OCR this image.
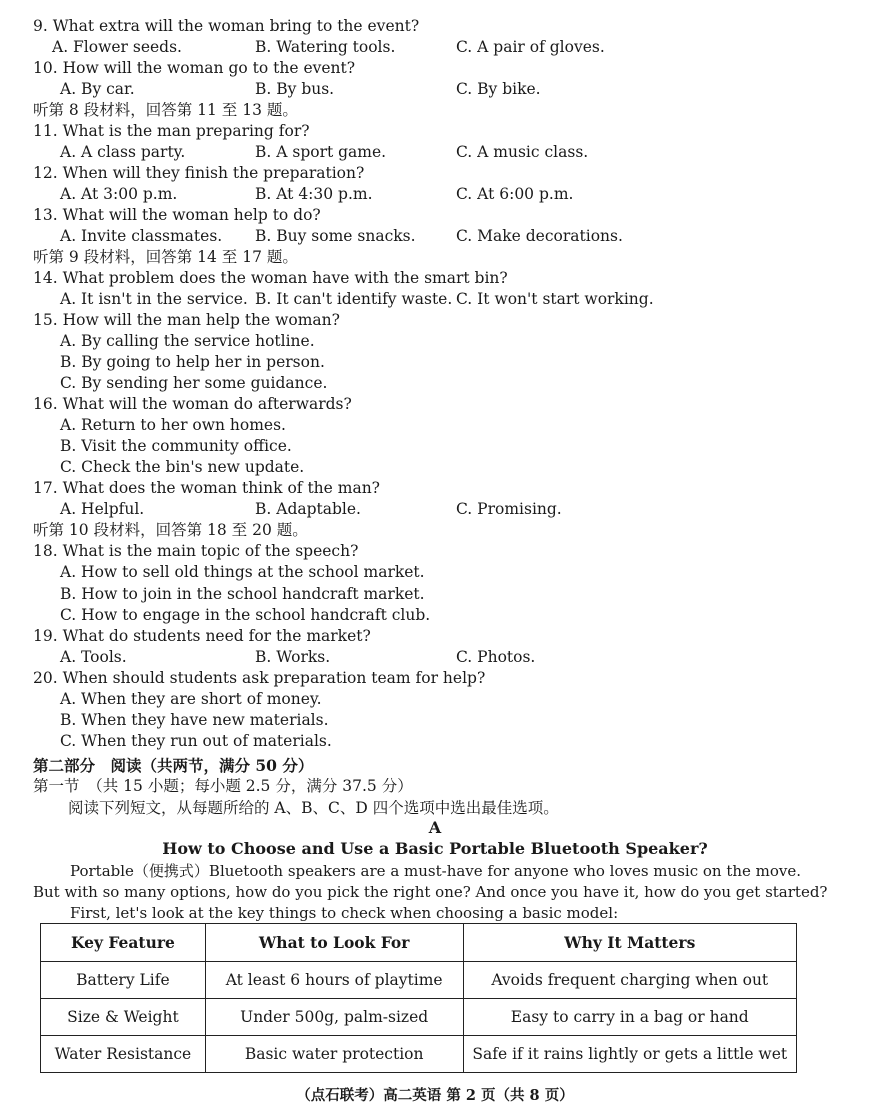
9. What extra will the woman bring to the event?
A. Flower seeds.	B. Watering tools.	C. A pair of gloves.
10. How will the woman go to the event?
A. By car.	B. By bus.	C. By bike.
听第 8 段材料，回答第 11 至 13 题。
11. What is the man preparing for?
A. A class party.	B. A sport game.	C. A music class.
12. When will they finish the preparation?
A. At 3:00 p.m.	B. At 4:30 p.m.	C. At 6:00 p.m.
13. What will the woman help to do?
A. Invite classmates. B. Buy some snacks.	C. Make decorations.
听第 9 段材料，回答第 14 至 17 题。
14. What problem does the woman have with the smart bin?
A. It isn't in the service. B. It can't identify waste. C. It won't start working.
15. How will the man help the woman?
A. By calling the service hotline.
B. By going to help her in person.
C. By sending her some guidance.
16. What will the woman do afterwards?
A. Return to her own homes.
B. Visit the community office.
C. Check the bin's new update.
17. What does the woman think of the man?
A. Helpful.	B. Adaptable.	C. Promising.
听第 10 段材料，回答第 18 至 20 题。
18. What is the main topic of the speech?
A. How to sell old things at the school market.
B. How to join in the school handcraft market.
C. How to engage in the school handcraft club.
19. What do students need for the market?
A. Tools.	B. Works.	C. Photos.
20. When should students ask preparation team for help?
A. When they are short of money.
B. When they have new materials.
C. When they run out of materials.
第二部分　阅读（共两节，满分 50 分）
第一节　（共 15 小题；每小题 2.5 分，满分 37.5 分）
阅读下列短文，从每题所给的 A、B、C、D 四个选项中选出最佳选项。
A
How to Choose and Use a Basic Portable Bluetooth Speaker?
Portable（便携式）Bluetooth speakers are a must-have for anyone who loves music on the move.
But with so many options, how do you pick the right one? And once you have it, how do you get started?
First, let's look at the key things to check when choosing a basic model:
Key Feature	What to Look For	Why It Matters
Battery Life	At least 6 hours of playtime	Avoids frequent charging when out
Size & Weight	Under 500g, palm-sized	Easy to carry in a bag or hand
Water Resistance	Basic water protection	Safe if it rains lightly or gets a little wet
（点石联考）高二英语 第 2 页（共 8 页）
